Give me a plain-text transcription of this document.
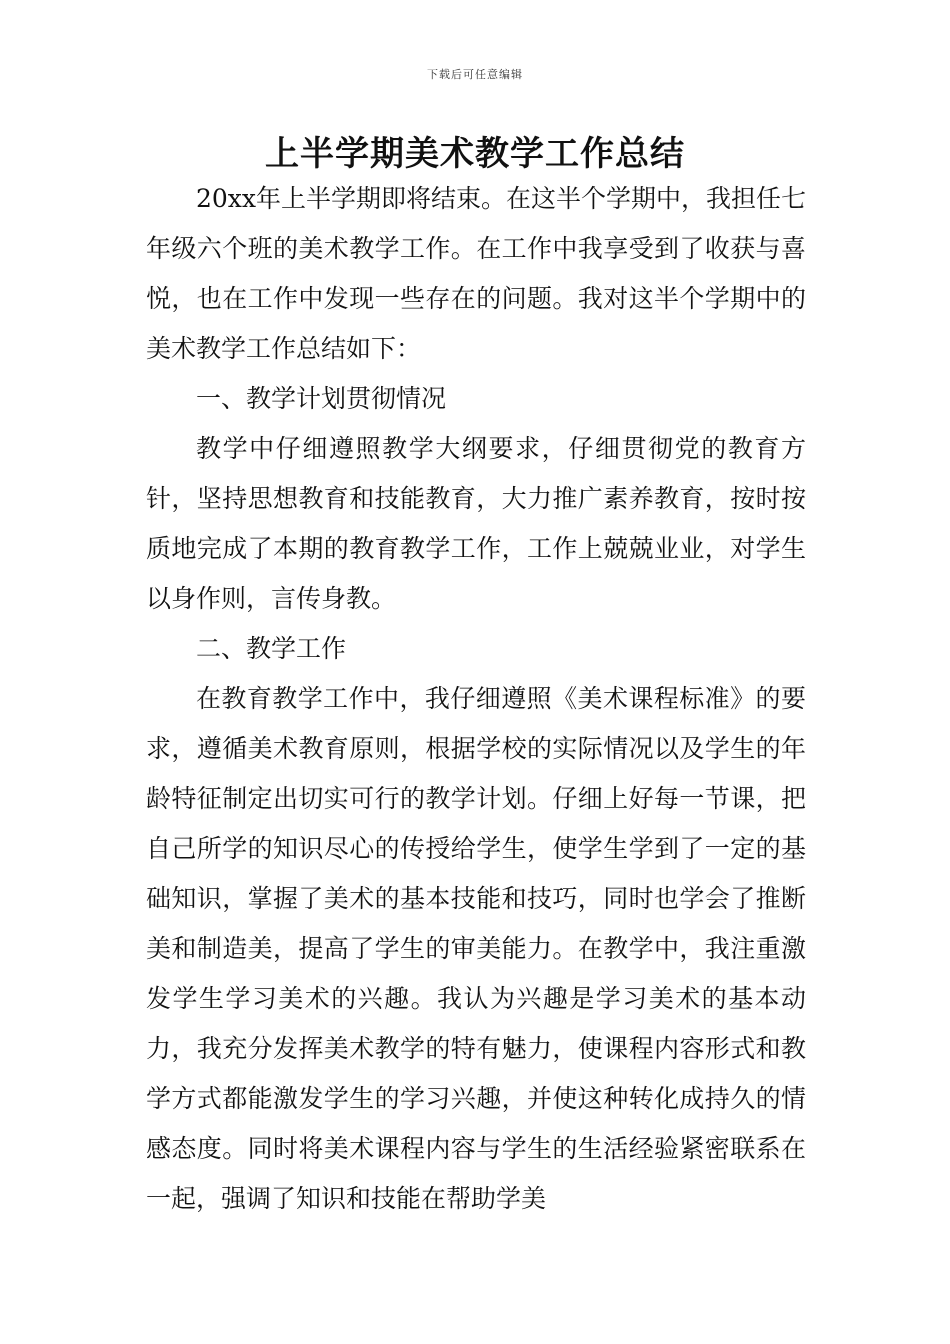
下载后可任意编辑
上半学期美术教学工作总结

20xx年上半学期即将结束。在这半个学期中，我担任七年级六个班的美术教学工作。在工作中我享受到了收获与喜悦，也在工作中发现一些存在的问题。我对这半个学期中的美术教学工作总结如下：

一、教学计划贯彻情况

教学中仔细遵照教学大纲要求，仔细贯彻党的教育方针，坚持思想教育和技能教育，大力推广素养教育，按时按质地完成了本期的教育教学工作，工作上兢兢业业，对学生以身作则，言传身教。

二、教学工作

在教育教学工作中，我仔细遵照《美术课程标准》的要求，遵循美术教育原则，根据学校的实际情况以及学生的年龄特征制定出切实可行的教学计划。仔细上好每一节课，把自己所学的知识尽心的传授给学生，使学生学到了一定的基础知识，掌握了美术的基本技能和技巧，同时也学会了推断美和制造美，提高了学生的审美能力。在教学中，我注重激发学生学习美术的兴趣。我认为兴趣是学习美术的基本动力，我充分发挥美术教学的特有魅力，使课程内容形式和教学方式都能激发学生的学习兴趣，并使这种转化成持久的情感态度。同时将美术课程内容与学生的生活经验紧密联系在一起，强调了知识和技能在帮助学美
